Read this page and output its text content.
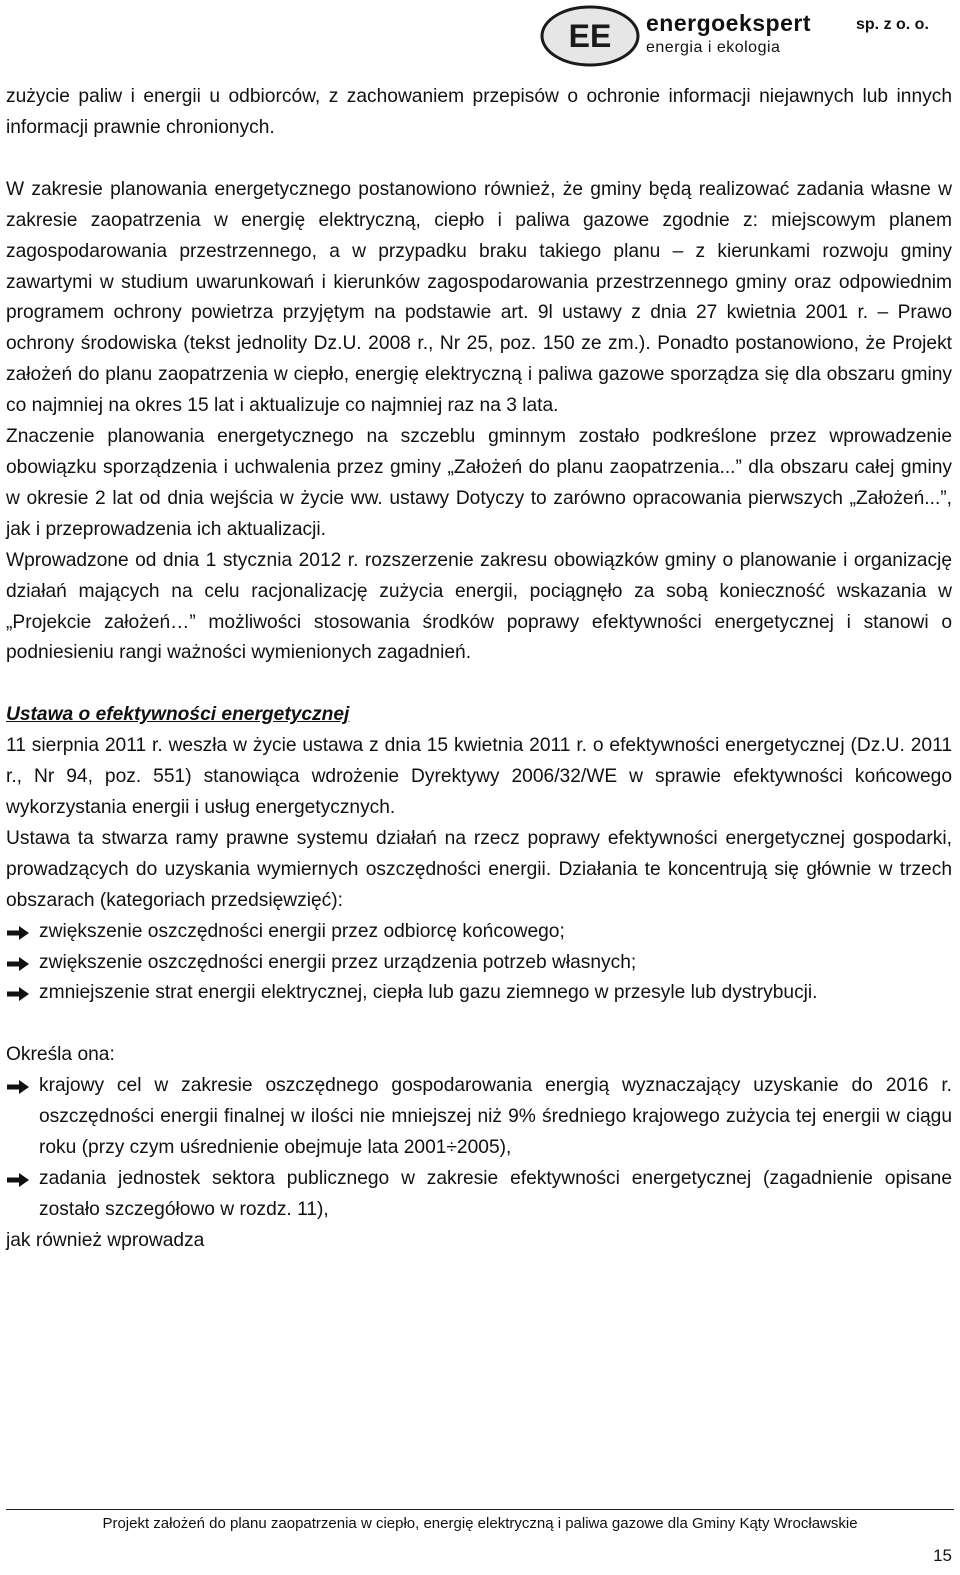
EE energoekspert	sp. z o. o.
energia i ekologia

zużycie paliw i energii u odbiorców, z zachowaniem przepisów o ochronie informacji niejawnych lub innych informacji prawnie chronionych.

W zakresie planowania energetycznego postanowiono również, że gminy będą realizować zadania własne w zakresie zaopatrzenia w energię elektryczną, ciepło i paliwa gazowe zgodnie z: miejscowym planem zagospodarowania przestrzennego, a w przypadku braku takiego planu – z kierunkami rozwoju gminy zawartymi w studium uwarunkowań i kierunków zagospodarowania przestrzennego gminy oraz odpowiednim programem ochrony powietrza przyjętym na podstawie art. 9l ustawy z dnia 27 kwietnia 2001 r. – Prawo ochrony środowiska (tekst jednolity Dz.U. 2008 r., Nr 25, poz. 150 ze zm.). Ponadto postanowiono, że Projekt założeń do planu zaopatrzenia w ciepło, energię elektryczną i paliwa gazowe sporządza się dla obszaru gminy co najmniej na okres 15 lat i aktualizuje co najmniej raz na 3 lata.

Znaczenie planowania energetycznego na szczeblu gminnym zostało podkreślone przez wprowadzenie obowiązku sporządzenia i uchwalenia przez gminy „Założeń do planu zaopatrzenia...” dla obszaru całej gminy w okresie 2 lat od dnia wejścia w życie ww. ustawy Dotyczy to zarówno opracowania pierwszych „Założeń...”, jak i przeprowadzenia ich aktualizacji.

Wprowadzone od dnia 1 stycznia 2012 r. rozszerzenie zakresu obowiązków gminy o planowanie i organizację działań mających na celu racjonalizację zużycia energii, pociągnęło za sobą konieczność wskazania w „Projekcie założeń…” możliwości stosowania środków poprawy efektywności energetycznej i stanowi o podniesieniu rangi ważności wymienionych zagadnień.

Ustawa o efektywności energetycznej

11 sierpnia 2011 r. weszła w życie ustawa z dnia 15 kwietnia 2011 r. o efektywności energetycznej (Dz.U. 2011 r., Nr 94, poz. 551) stanowiąca wdrożenie Dyrektywy 2006/32/WE w sprawie efektywności końcowego wykorzystania energii i usług energetycznych.

Ustawa ta stwarza ramy prawne systemu działań na rzecz poprawy efektywności energetycznej gospodarki, prowadzących do uzyskania wymiernych oszczędności energii. Działania te koncentrują się głównie w trzech obszarach (kategoriach przedsięwzięć):

zwiększenie oszczędności energii przez odbiorcę końcowego;
zwiększenie oszczędności energii przez urządzenia potrzeb własnych;
zmniejszenie strat energii elektrycznej, ciepła lub gazu ziemnego w przesyle lub dystrybucji.

Określa ona:

krajowy cel w zakresie oszczędnego gospodarowania energią wyznaczający uzyskanie do 2016 r. oszczędności energii finalnej w ilości nie mniejszej niż 9% średniego krajowego zużycia tej energii w ciągu roku (przy czym uśrednienie obejmuje lata 2001÷2005),
zadania jednostek sektora publicznego w zakresie efektywności energetycznej (zagadnienie opisane zostało szczegółowo w rozdz. 11),

jak również wprowadza

Projekt założeń do planu zaopatrzenia w ciepło, energię elektryczną i paliwa gazowe dla Gminy Kąty Wrocławskie
15
